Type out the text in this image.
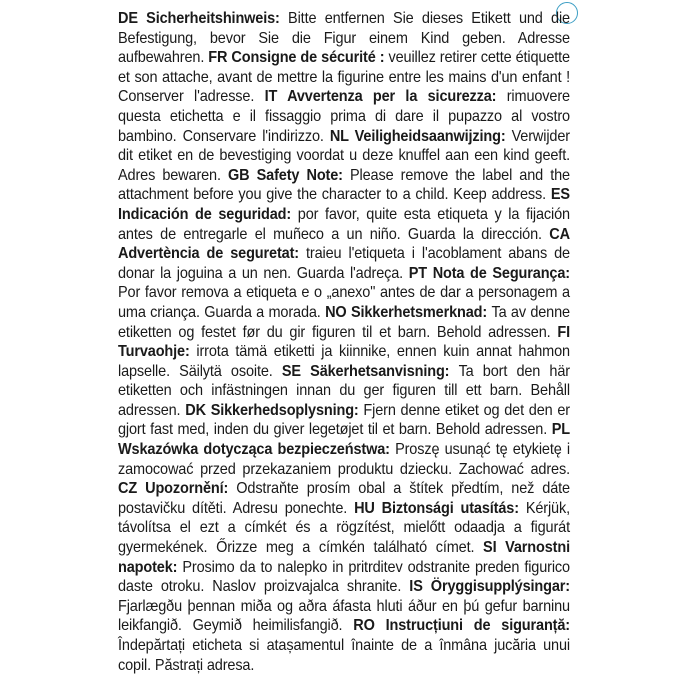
DE Sicherheitshinweis: Bitte entfernen Sie dieses Etikett und die Befestigung, bevor Sie die Figur einem Kind geben. Adresse aufbewahren. FR Consigne de sécurité : veuillez retirer cette étiquette et son attache, avant de mettre la figurine entre les mains d'un enfant ! Conserver l'adresse. IT Avvertenza per la sicurezza: rimuovere questa etichetta e il fissaggio prima di dare il pupazzo al vostro bambino. Conservare l'indirizzo. NL Veiligheidsaanwijzing: Verwijder dit etiket en de bevestiging voordat u deze knuffel aan een kind geeft. Adres bewaren. GB Safety Note: Please remove the label and the attachment before you give the character to a child. Keep address. ES Indicación de seguridad: por favor, quite esta etiqueta y la fijación antes de entregarle el muñeco a un niño. Guarda la dirección. CA Advertència de seguretat: traieu l'etiqueta i l'acoblament abans de donar la joguina a un nen. Guarda l'adreça. PT Nota de Segurança: Por favor remova a etiqueta e o „anexo" antes de dar a personagem a uma criança. Guarda a morada. NO Sikkerhetsmerknad: Ta av denne etiketten og festet før du gir figuren til et barn. Behold adressen. FI Turvaohje: irrota tämä etiketti ja kiinnike, ennen kuin annat hahmon lapselle. Säilytä osoite. SE Säkerhetsanvisning: Ta bort den här etiketten och infästningen innan du ger figuren till ett barn. Behåll adressen. DK Sikkerhedsoplysning: Fjern denne etiket og det den er gjort fast med, inden du giver legetøjet til et barn. Behold adressen. PL Wskazówka dotycząca bezpieczeństwa: Proszę usunąć tę etykietę i zamocować przed przekazaniem produktu dziecku. Zachować adres. CZ Upozornění: Odstraňte prosím obal a štítek předtím, než dáte postavičku dítěti. Adresu ponechte. HU Biztonsági utasítás: Kérjük, távolítsa el ezt a címkét és a rögzítést, mielőtt odaadja a figurát gyermekének. Őrizze meg a címkén található címet. SI Varnostni napotek: Prosimo da to nalepko in pritrditev odstranite preden figurico daste otroku. Naslov proizvajalca shranite. IS Öryggisupplýsingar: Fjarlægðu þennan miða og aðra áfasta hluti áður en þú gefur barninu leikfangið. Geymið heimilisfangið. RO Instrucțiuni de siguranță: Îndepărtați eticheta si atașamentul înainte de a înmâna jucăria unui copil. Păstrați adresa.
